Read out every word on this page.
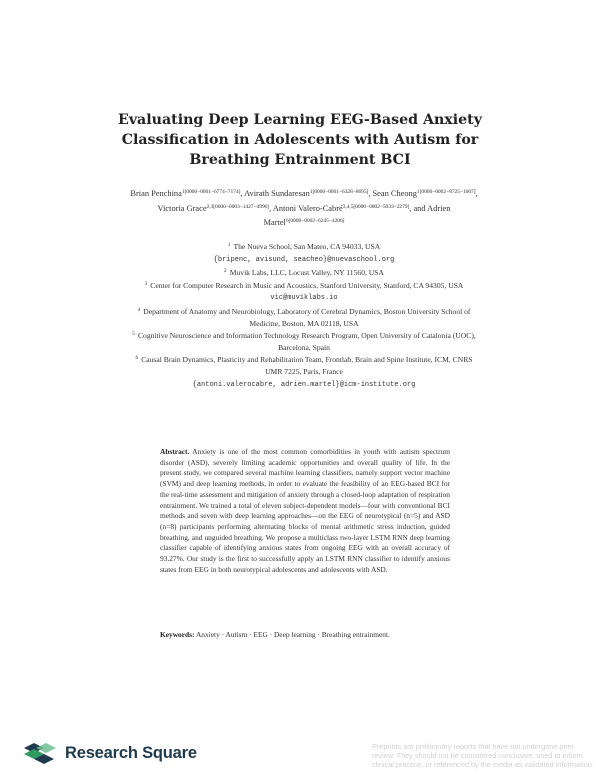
Evaluating Deep Learning EEG-Based Anxiety Classification in Adolescents with Autism for Breathing Entrainment BCI
Brian Penchina$^{1[0000-0001-6774-7174]}$, Avirath Sundaresan$^{1[0000-0001-6328-8695]}$, Sean Cheong$^{1[0000-0002-8725-1007]}$, Victoria Grace$^{2,3[0000-0003-1427-4996]}$, Antoni Valero-Cabré$^{3,4,5[0000-0002-5033-2279]}$, and Adrien Martel$^{6[0000-0002-6245-4206]}$
$^1$ The Nueva School, San Mateo, CA 94033, USA
{bripenc, avisund, seacheo}@nuevaschool.org
$^2$ Muvik Labs, LLC, Locust Valley, NY 11560, USA
$^3$ Center for Computer Research in Music and Acoustics, Stanford University, Stanford, CA 94305, USA
vic@muviklabs.io
$^4$ Department of Anatomy and Neurobiology, Laboratory of Cerebral Dynamics, Boston University School of Medicine, Boston, MA 02118, USA
$^5$ Cognitive Neuroscience and Information Technology Research Program, Open University of Catalonia (UOC), Barcelona, Spain
$^6$ Causal Brain Dynamics, Plasticity and Rehabilitation Team, Frontlab, Brain and Spine Institute, ICM, CNRS UMR 7225, Paris, France
{antoni.valerocabre, adrien.martel}@icm-institute.org
Abstract. Anxiety is one of the most common comorbidities in youth with autism spectrum disorder (ASD), severely limiting academic opportunities and overall quality of life. In the present study, we compared several machine learning classifiers, namely support vector machine (SVM) and deep learning methods, in order to evaluate the feasibility of an EEG-based BCI for the real-time assessment and mitigation of anxiety through a closed-loop adaptation of respiration entrainment. We trained a total of eleven subject-dependent models—four with conventional BCI methods and seven with deep learning approaches—on the EEG of neurotypical (n=5) and ASD (n=8) participants performing alternating blocks of mental arithmetic stress induction, guided breathing, and unguided breathing. We propose a multiclass two-layer LSTM RNN deep learning classifier capable of identifying anxious states from ongoing EEG with an overall accuracy of 93.27%. Our study is the first to successfully apply an LSTM RNN classifier to identify anxious states from EEG in both neurotypical adolescents and adolescents with ASD.
Keywords: Anxiety · Autism · EEG · Deep learning · Breathing entrainment.
Research Square	Preprints are preliminary reports that have not undergone peer review. They should not be considered conclusive, used to inform clinical practice, or referenced by the media as validated information.
